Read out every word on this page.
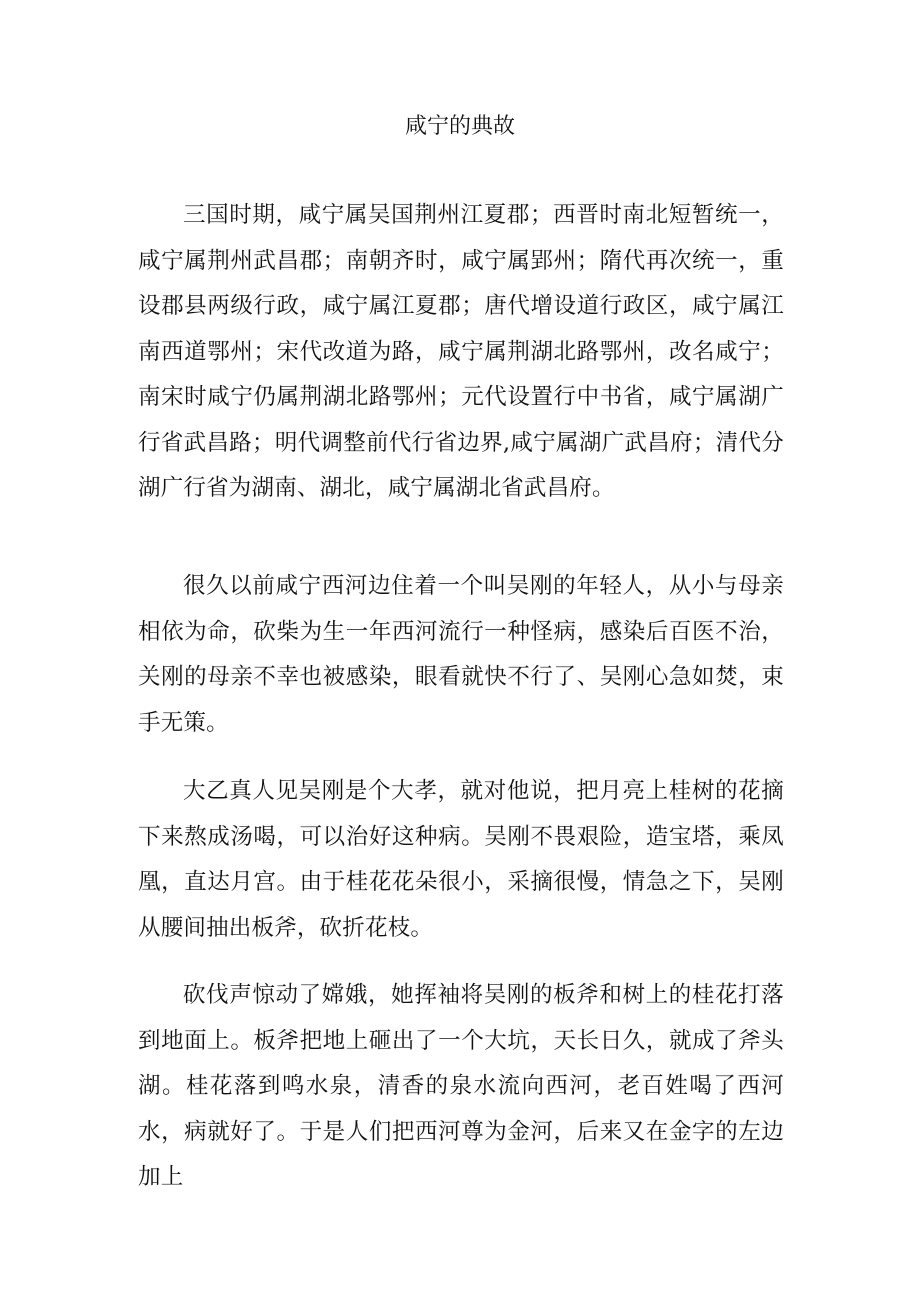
咸宁的典故

三国时期，咸宁属吴国荆州江夏郡；西晋时南北短暂统一，咸宁属荆州武昌郡；南朝齐时，咸宁属郢州；隋代再次统一，重设郡县两级行政，咸宁属江夏郡；唐代增设道行政区，咸宁属江南西道鄂州；宋代改道为路，咸宁属荆湖北路鄂州，改名咸宁；南宋时咸宁仍属荆湖北路鄂州；元代设置行中书省，咸宁属湖广行省武昌路；明代调整前代行省边界,咸宁属湖广武昌府；清代分湖广行省为湖南、湖北，咸宁属湖北省武昌府。

很久以前咸宁西河边住着一个叫吴刚的年轻人，从小与母亲相依为命，砍柴为生一年西河流行一种怪病，感染后百医不治，关刚的母亲不幸也被感染，眼看就快不行了、吴刚心急如焚，束手无策。

大乙真人见吴刚是个大孝，就对他说，把月亮上桂树的花摘下来熬成汤喝，可以治好这种病。吴刚不畏艰险，造宝塔，乘凤凰，直达月宫。由于桂花花朵很小，采摘很慢，情急之下，吴刚从腰间抽出板斧，砍折花枝。

砍伐声惊动了嫦娥，她挥袖将吴刚的板斧和树上的桂花打落到地面上。板斧把地上砸出了一个大坑，天长日久，就成了斧头湖。桂花落到鸣水泉，清香的泉水流向西河，老百姓喝了西河水，病就好了。于是人们把西河尊为金河，后来又在金字的左边加上
